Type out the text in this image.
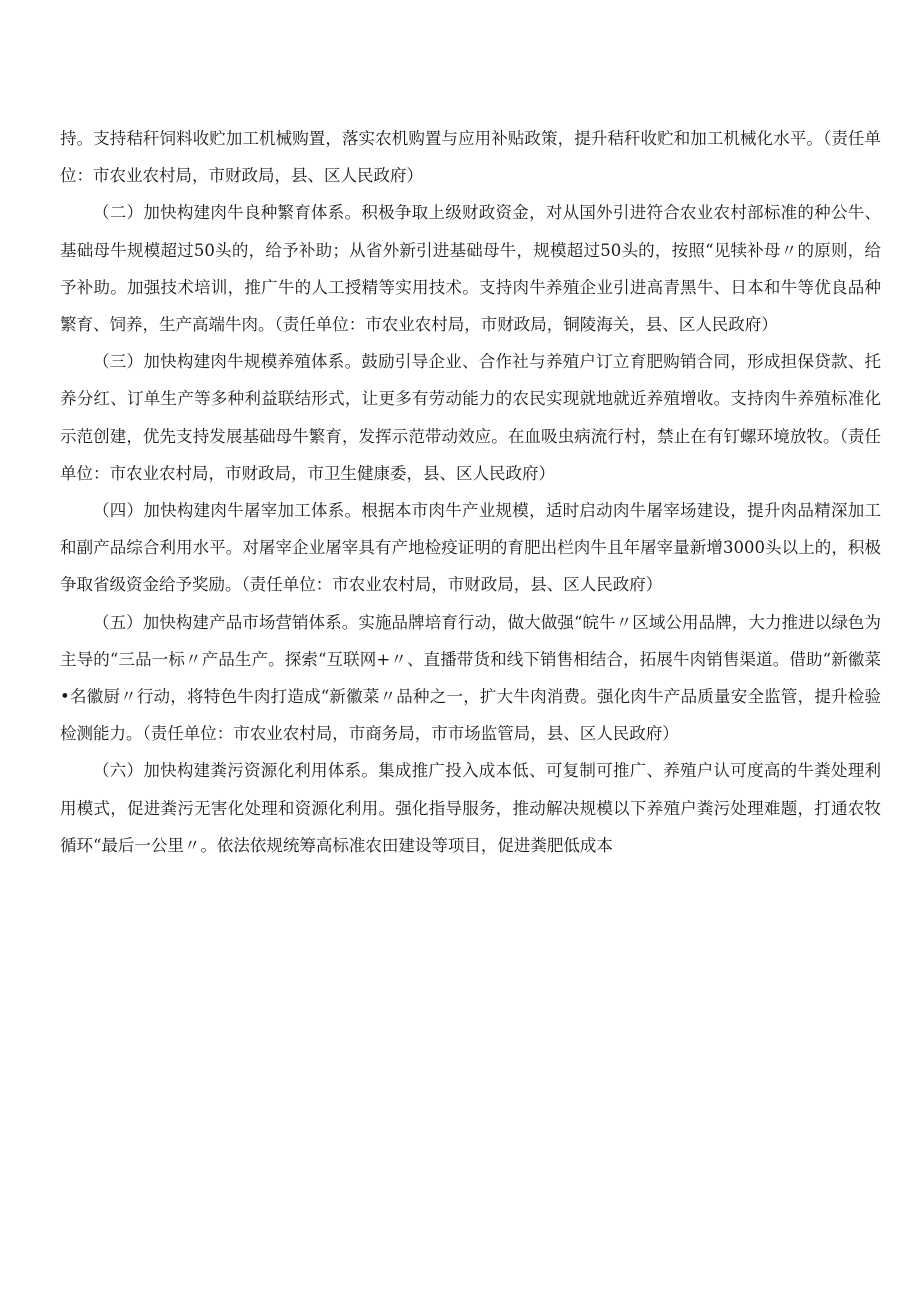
持。支持秸秆饲料收贮加工机械购置，落实农机购置与应用补贴政策，提升秸秆收贮和加工机械化水平。（责任单位：市农业农村局，市财政局，县、区人民政府）

（二）加快构建肉牛良种繁育体系。积极争取上级财政资金，对从国外引进符合农业农村部标准的种公牛、基础母牛规模超过50头的，给予补助；从省外新引进基础母牛，规模超过50头的，按照“见犊补母〃的原则，给予补助。加强技术培训，推广牛的人工授精等实用技术。支持肉牛养殖企业引进高青黑牛、日本和牛等优良品种繁育、饲养，生产高端牛肉。（责任单位：市农业农村局，市财政局，铜陵海关，县、区人民政府）

（三）加快构建肉牛规模养殖体系。鼓励引导企业、合作社与养殖户订立育肥购销合同，形成担保贷款、托养分红、订单生产等多种利益联结形式，让更多有劳动能力的农民实现就地就近养殖增收。支持肉牛养殖标准化示范创建，优先支持发展基础母牛繁育，发挥示范带动效应。在血吸虫病流行村，禁止在有钉螺环境放牧。（责任单位：市农业农村局，市财政局，市卫生健康委，县、区人民政府）

（四）加快构建肉牛屠宰加工体系。根据本市肉牛产业规模，适时启动肉牛屠宰场建设，提升肉品精深加工和副产品综合利用水平。对屠宰企业屠宰具有产地检疫证明的育肥出栏肉牛且年屠宰量新增3000头以上的，积极争取省级资金给予奖励。（责任单位：市农业农村局，市财政局，县、区人民政府）

（五）加快构建产品市场营销体系。实施品牌培育行动，做大做强“皖牛〃区域公用品牌，大力推进以绿色为主导的“三品一标〃产品生产。探索“互联网+〃、直播带货和线下销售相结合，拓展牛肉销售渠道。借助“新徽菜•名徽厨〃行动，将特色牛肉打造成“新徽菜〃品种之一，扩大牛肉消费。强化肉牛产品质量安全监管，提升检验检测能力。（责任单位：市农业农村局，市商务局，市市场监管局，县、区人民政府）

（六）加快构建粪污资源化利用体系。集成推广投入成本低、可复制可推广、养殖户认可度高的牛粪处理利用模式，促进粪污无害化处理和资源化利用。强化指导服务，推动解决规模以下养殖户粪污处理难题，打通农牧循环“最后一公里〃。依法依规统筹高标准农田建设等项目，促进粪肥低成本
